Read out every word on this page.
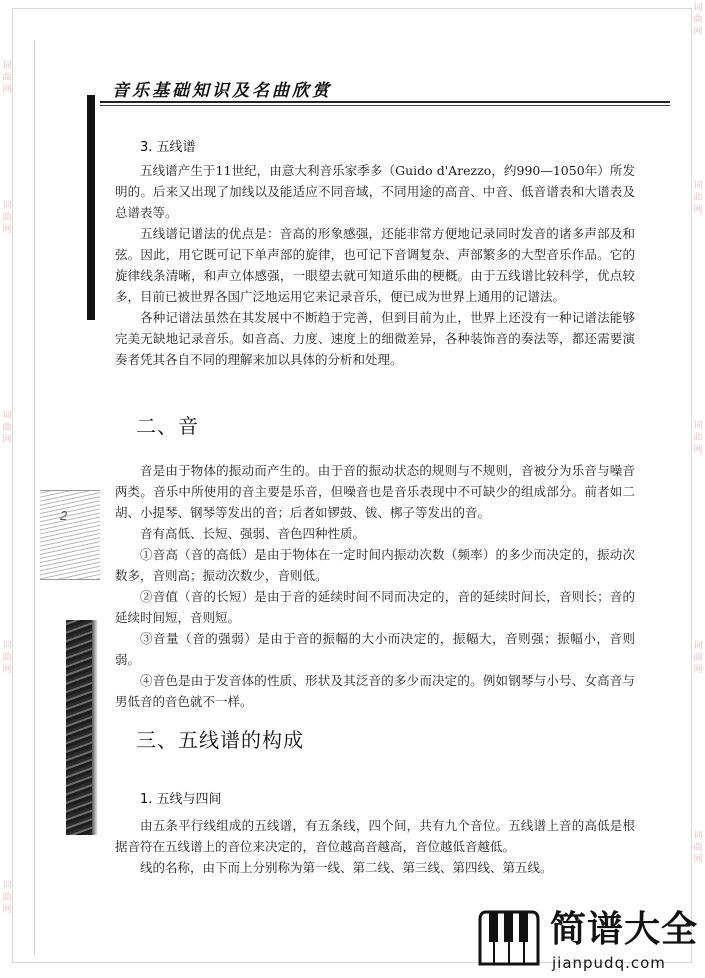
词
曲
网
词
曲
网
词
曲
网
词
曲
网
词
曲
网
词
曲
网
词
曲
网
词
曲
网
词
曲
网
词
曲
网
2
音乐基础知识及名曲欣赏
3. 五线谱

五线谱产生于11世纪，由意大利音乐家季多（Guido d'Arezzo，约990—1050年）所发明的。后来又出现了加线以及能适应不同音域，不同用途的高音、中音、低音谱表和大谱表及总谱表等。

五线谱记谱法的优点是：音高的形象感强，还能非常方便地记录同时发音的诸多声部及和弦。因此，用它既可记下单声部的旋律，也可记下音调复杂、声部繁多的大型音乐作品。它的旋律线条清晰，和声立体感强，一眼望去就可知道乐曲的梗概。由于五线谱比较科学，优点较多，目前已被世界各国广泛地运用它来记录音乐，便已成为世界上通用的记谱法。

各种记谱法虽然在其发展中不断趋于完善，但到目前为止，世界上还没有一种记谱法能够完美无缺地记录音乐。如音高、力度、速度上的细微差异，各种装饰音的奏法等，都还需要演奏者凭其各自不同的理解来加以具体的分析和处理。

二、音

音是由于物体的振动而产生的。由于音的振动状态的规则与不规则，音被分为乐音与噪音两类。音乐中所使用的音主要是乐音，但噪音也是音乐表现中不可缺少的组成部分。前者如二胡、小提琴、钢琴等发出的音；后者如锣鼓、钹、梆子等发出的音。

音有高低、长短、强弱、音色四种性质。

①音高（音的高低）是由于物体在一定时间内振动次数（频率）的多少而决定的，振动次数多，音则高；振动次数少，音则低。

②音值（音的长短）是由于音的延续时间不同而决定的，音的延续时间长，音则长；音的延续时间短，音则短。

③音量（音的强弱）是由于音的振幅的大小而决定的，振幅大，音则强；振幅小，音则弱。

④音色是由于发音体的性质、形状及其泛音的多少而决定的。例如钢琴与小号、女高音与男低音的音色就不一样。

三、五线谱的构成
1. 五线与四间

由五条平行线组成的五线谱，有五条线，四个间，共有九个音位。五线谱上音的高低是根据音符在五线谱上的音位来决定的，音位越高音越高，音位越低音越低。

线的名称，由下而上分别称为第一线、第二线、第三线、第四线、第五线。

简谱大全
jianpudq.com
